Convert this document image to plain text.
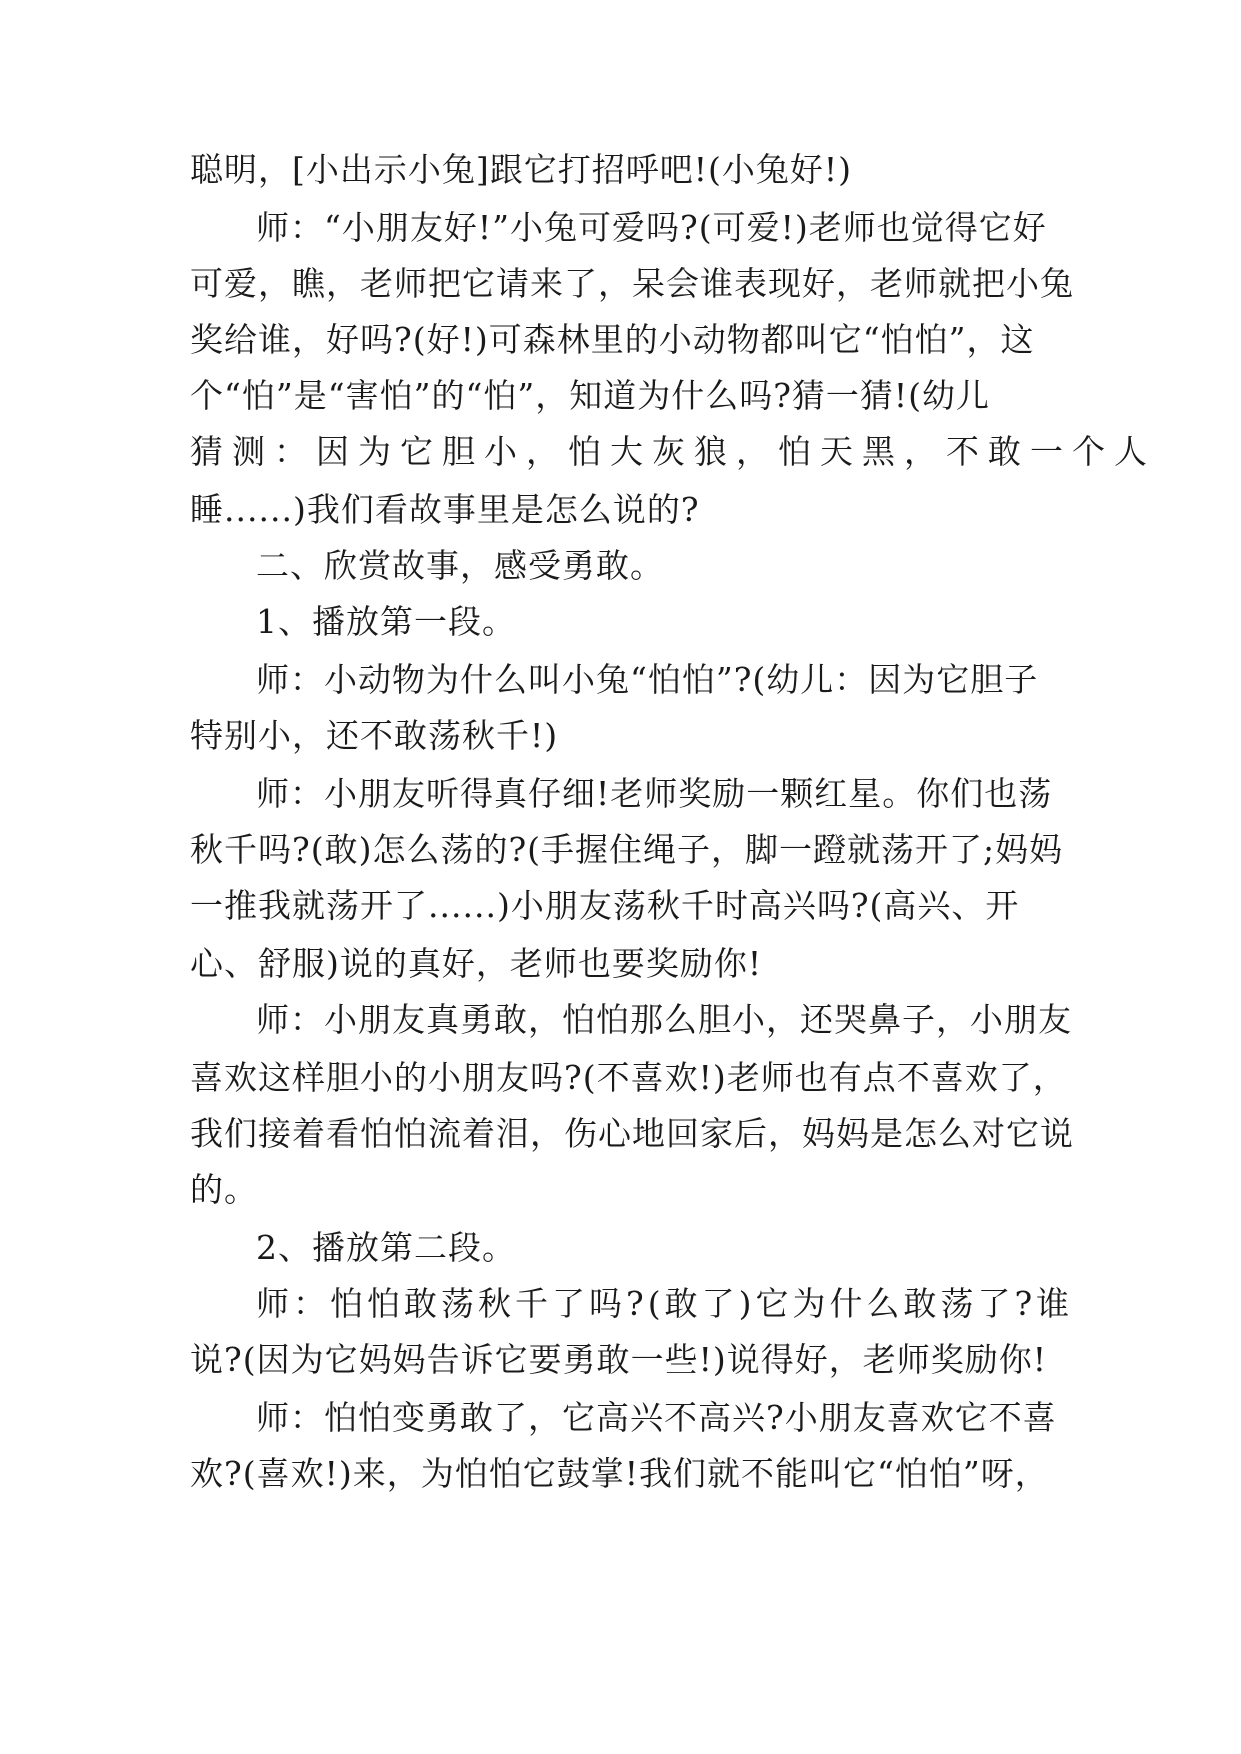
聪明，[小出示小兔]跟它打招呼吧!(小兔好!)
师：“小朋友好!”小兔可爱吗?(可爱!)老师也觉得它好
可爱，瞧，老师把它请来了，呆会谁表现好，老师就把小兔
奖给谁，好吗?(好!)可森林里的小动物都叫它“怕怕”，这
个“怕”是“害怕”的“怕”，知道为什么吗?猜一猜!(幼儿
猜测：因为它胆小，怕大灰狼，怕天黑，不敢一个人
睡......)我们看故事里是怎么说的?
二、欣赏故事，感受勇敢。
1、播放第一段。
师：小动物为什么叫小兔“怕怕”?(幼儿：因为它胆子
特别小，还不敢荡秋千!)
师：小朋友听得真仔细!老师奖励一颗红星。你们也荡
秋千吗?(敢)怎么荡的?(手握住绳子，脚一蹬就荡开了;妈妈
一推我就荡开了......)小朋友荡秋千时高兴吗?(高兴、开
心、舒服)说的真好，老师也要奖励你!
师：小朋友真勇敢，怕怕那么胆小，还哭鼻子，小朋友
喜欢这样胆小的小朋友吗?(不喜欢!)老师也有点不喜欢了，
我们接着看怕怕流着泪，伤心地回家后，妈妈是怎么对它说
的。
2、播放第二段。
师：怕怕敢荡秋千了吗?(敢了)它为什么敢荡了?谁
说?(因为它妈妈告诉它要勇敢一些!)说得好，老师奖励你!
师：怕怕变勇敢了，它高兴不高兴?小朋友喜欢它不喜
欢?(喜欢!)来，为怕怕它鼓掌!我们就不能叫它“怕怕”呀，
